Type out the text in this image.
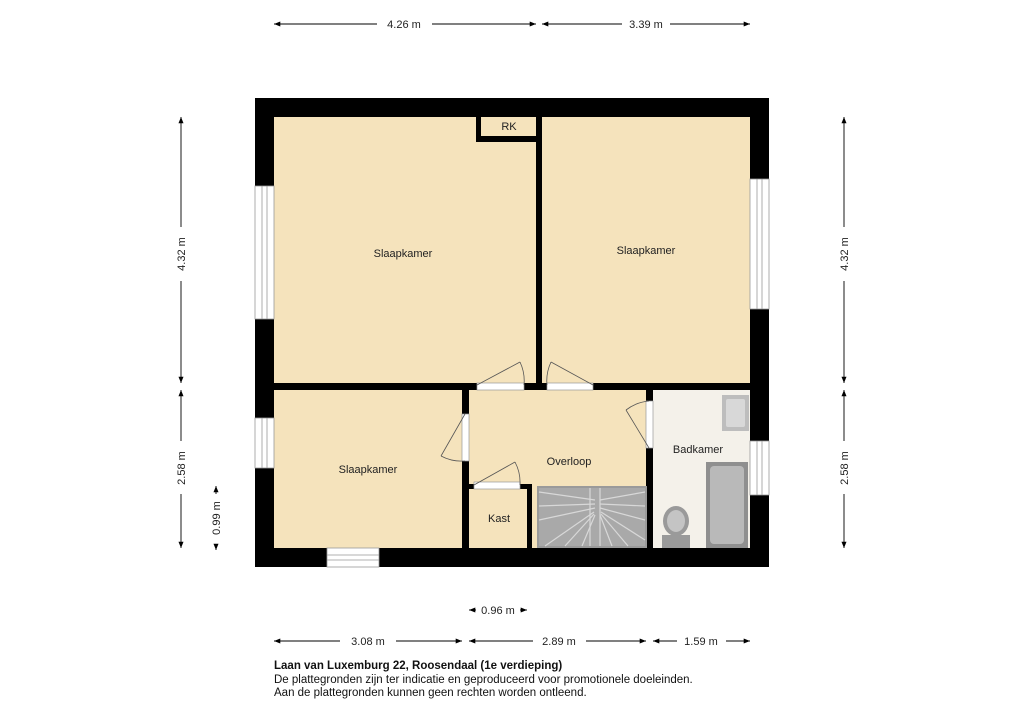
Slaapkamer	Slaapkamer
Slaapkamer
RK
Overloop
Badkamer
Kast
4.26 m	3.39 m
4.32 m
2.58 m
0.99 m
4.32 m
2.58 m
0.96 m
3.08 m	2.89 m	1.59 m
Laan van Luxemburg 22, Roosendaal (1e verdieping)
De plattegronden zijn ter indicatie en geproduceerd voor promotionele doeleinden.
Aan de plattegronden kunnen geen rechten worden ontleend.
